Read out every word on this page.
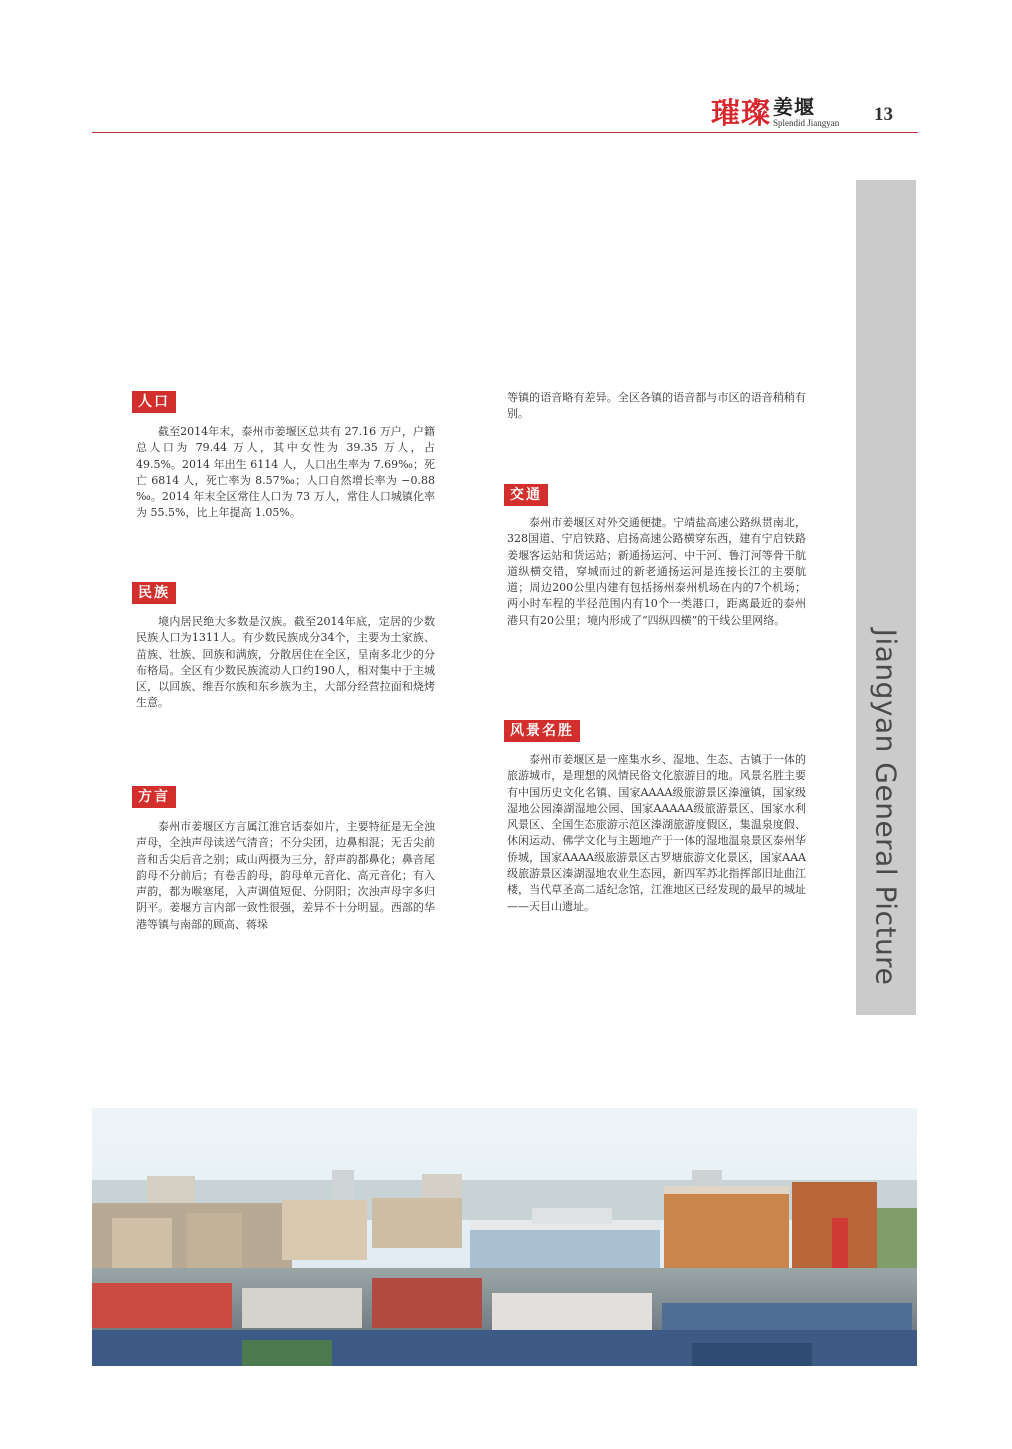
璀璨 姜堰
Splendid Jiangyan 13
Jiangyan General Picture
人口

截至2014年末，泰州市姜堰区总共有 27.16 万户，户籍总人口为 79.44 万人，其中女性为 39.35 万人，占 49.5%。2014 年出生 6114 人，人口出生率为 7.69‰；死亡 6814 人，死亡率为 8.57‰；人口自然增长率为 −0.88 ‰。2014 年末全区常住人口为 73 万人，常住人口城镇化率为 55.5%，比上年提高 1.05%。

民族

境内居民绝大多数是汉族。截至2014年底，定居的少数民族人口为1311人。有少数民族成分34个，主要为土家族、苗族、壮族、回族和满族，分散居住在全区，呈南多北少的分布格局。全区有少数民族流动人口约190人，相对集中于主城区，以回族、维吾尔族和东乡族为主，大部分经营拉面和烧烤生意。

方言

泰州市姜堰区方言属江淮官话泰如片，主要特征是无全浊声母，全浊声母读送气清音；不分尖团，边鼻相混；无舌尖前音和舌尖后音之别；咸山两摄为三分，舒声韵都鼻化；鼻音尾韵母不分前后；有卷舌韵母，韵母单元音化、高元音化；有入声韵，都为喉塞尾，入声调值短促、分阴阳；次浊声母字多归阴平。姜堰方言内部一致性很强，差异不十分明显。西部的华港等镇与南部的顾高、蒋垛

等镇的语音略有差异。全区各镇的语音都与市区的语音稍稍有别。

交通

泰州市姜堰区对外交通便捷。宁靖盐高速公路纵贯南北，328国道、宁启铁路、启扬高速公路横穿东西，建有宁启铁路姜堰客运站和货运站；新通扬运河、中干河、鲁汀河等骨干航道纵横交错，穿城而过的新老通扬运河是连接长江的主要航道；周边200公里内建有包括扬州泰州机场在内的7个机场；两小时车程的半径范围内有10个一类港口，距离最近的泰州港只有20公里；境内形成了“四纵四横”的干线公里网络。

风景名胜

泰州市姜堰区是一座集水乡、湿地、生态、古镇于一体的旅游城市，是理想的风情民俗文化旅游目的地。风景名胜主要有中国历史文化名镇、国家AAAA级旅游景区溱潼镇，国家级湿地公园溱湖湿地公园、国家AAAAA级旅游景区、国家水利风景区、全国生态旅游示范区溱湖旅游度假区，集温泉度假、休闲运动、佛学文化与主题地产于一体的湿地温泉景区泰州华侨城，国家AAAA级旅游景区古罗塘旅游文化景区，国家AAA级旅游景区溱湖湿地农业生态园，新四军苏北指挥部旧址曲江楼，当代草圣高二适纪念馆，江淮地区已经发现的最早的城址——天目山遗址。
